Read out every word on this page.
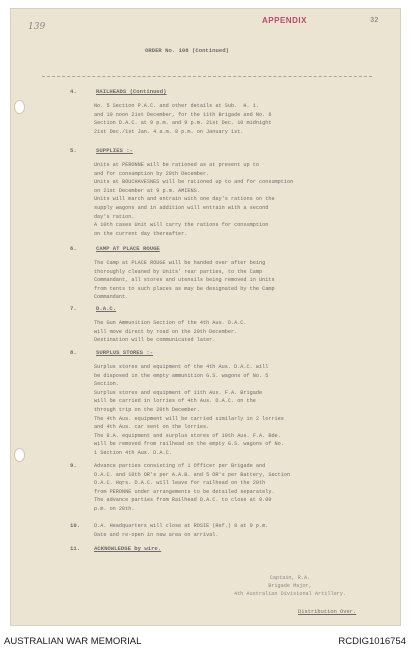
139
APPENDIX	32
ORDER No. 108 (Continued)
4.	RAILHEADS (Continued)
No. 5 Section P.A.C. and other details at Sub.  H. 1.
and 10 noon 21st December, for the 11th Brigade and No. 6
Section D.A.C. at 9 p.m. and 9 p.m. 21st Dec. 10 midnight
21st Dec./1st Jan. 4 a.m. 8 p.m. on January 1st.
5.	SUPPLIES :-
Units at PERONNE will be rationed as at present up to
and for consumption by 20th December.
Units at BOUCHAVESNES will be rationed up to and for consumption
on 21st December at 9 p.m. AMIENS.
Units will march and entrain with one day's rations on the
supply wagons and in addition will entrain with a second
day's ration.
A 10th cases Unit will carry the rations for consumption
on the current day thereafter.
6.	CAMP AT PLACE ROUGE
The Camp at PLACE ROUGE will be handed over after being
thoroughly cleaned by Units' rear parties, to the Camp
Commandant, all stores and utensils being removed in Units
from tents to such places as may be designated by the Camp
Commandant.
7.	D.A.C.
The Gun Ammunition Section of the 4th Aus. D.A.C.
will move direct by road on the 20th December.
Destination will be communicated later.
8.	SURPLUS STORES :-
Surplus stores and equipment of the 4th Aus. D.A.C. will
be disposed in the empty ammunition G.S. wagons of No. 5
Section.
Surplus stores and equipment of 11th Aus. F.A. Brigade
will be carried in lorries of 4th Aus. D.A.C. on the
through trip on the 20th December.
The 4th Aus. equipment will be carried similarly in 2 lorries
and 4th Aus. car sent on the lorries.
The 8.A. equipment and surplus stores of 10th Aus. F.A. Bde.
will be removed from railhead on the empty G.S. wagons of No.
1 Section 4th Aus. D.A.C.
9.	Advance parties consisting of 1 Officer per Brigade and
D.A.C. and 10th OR's per A.A.B. and 5 OR's per Battery, Section
D.A.C. Hqrs. D.A.C. will leave for railhead on the 20th
from PERONNE under arrangements to be detailed separately.
The advance parties from Railhead D.A.C. to close at 9.00
p.m. on 20th.
10.	D.A. Headquarters will close at ROSIE (Ref.) 8 at 9 p.m.
Date and re-open in new area on arrival.
11. ACKNOWLEDGE by wire.
Captain, R.A.
Brigade Major,
4th Australian Divisional Artillery.
Distribution Over.
AUSTRALIAN WAR MEMORIAL	RCDIG1016754
